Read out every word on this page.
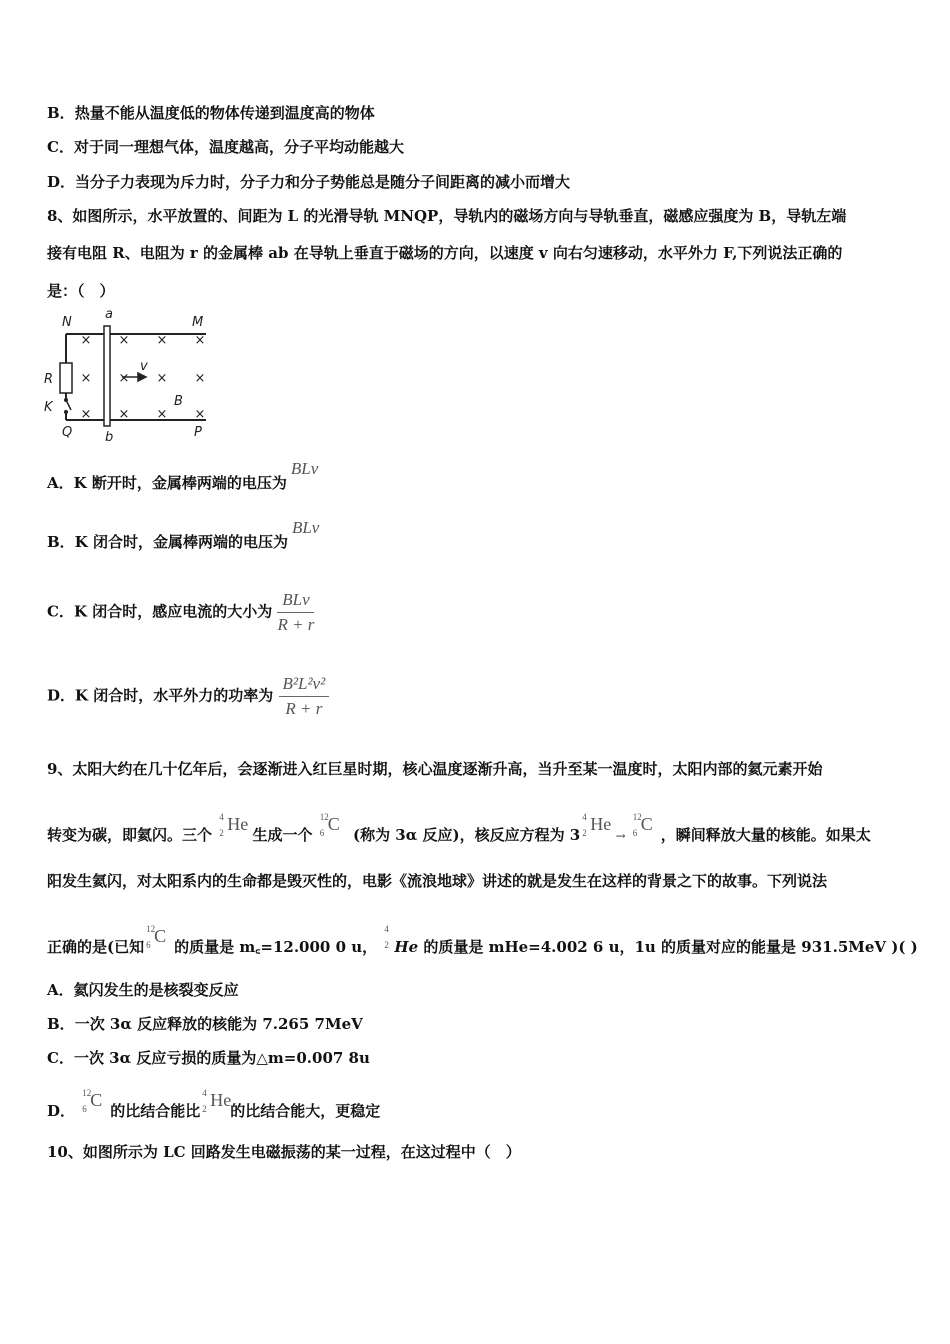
B．热量不能从温度低的物体传递到温度高的物体
C．对于同一理想气体，温度越高，分子平均动能越大
D．当分子力表现为斥力时，分子力和分子势能总是随分子间距离的减小而增大
8、如图所示，水平放置的、间距为 L 的光滑导轨 MNQP，导轨内的磁场方向与导轨垂直，磁感应强度为 B，导轨左端
接有电阻 R、电阻为 r 的金属棒 ab 在导轨上垂直于磁场的方向，以速度 v 向右匀速移动，水平外力 F,下列说法正确的
是：（　）
N
a
M
R
K
v
B
Q	b	P
× × × ×
× × × ×
× × × ×
A．K 断开时，金属棒两端的电压为BLv
B．K 闭合时，金属棒两端的电压为BLv
C．K 闭合时，感应电流的大小为 $\frac{\text{BLv}}{R + r}$
D．K 闭合时，水平外力的功率为 $\frac{\text{B²L²v²}}{R + r}$
9、太阳大约在几十亿年后，会逐渐进入红巨星时期，核心温度逐渐升高，当升至某一温度时，太阳内部的氦元素开始
转变为碳，即氦闪。三个
4
2 He
生成一个
12
6 C
(称为 3α 反应)，核反应方程为 3
4
2 He
→
12
6 C
，瞬间释放大量的核能。如果太
阳发生氦闪，对太阳系内的生命都是毁灭性的，电影《流浪地球》讲述的就是发生在这样的背景之下的故事。下列说法
正确的是(已知
12
6 C
的质量是 m꜀=12.000 0 u，
4
2 He 的质量是 mHe=4.002 6 u，1u 的质量对应的能量是 931.5MeV )( )
A．氦闪发生的是核裂变反应
B．一次 3α 反应释放的核能为 7.265 7MeV
C．一次 3α 反应亏损的质量为△m=0.007 8u
D．
12
6 C
的比结合能比
4
2 He
的比结合能大，更稳定
10、如图所示为 LC 回路发生电磁振荡的某一过程，在这过程中（　）
